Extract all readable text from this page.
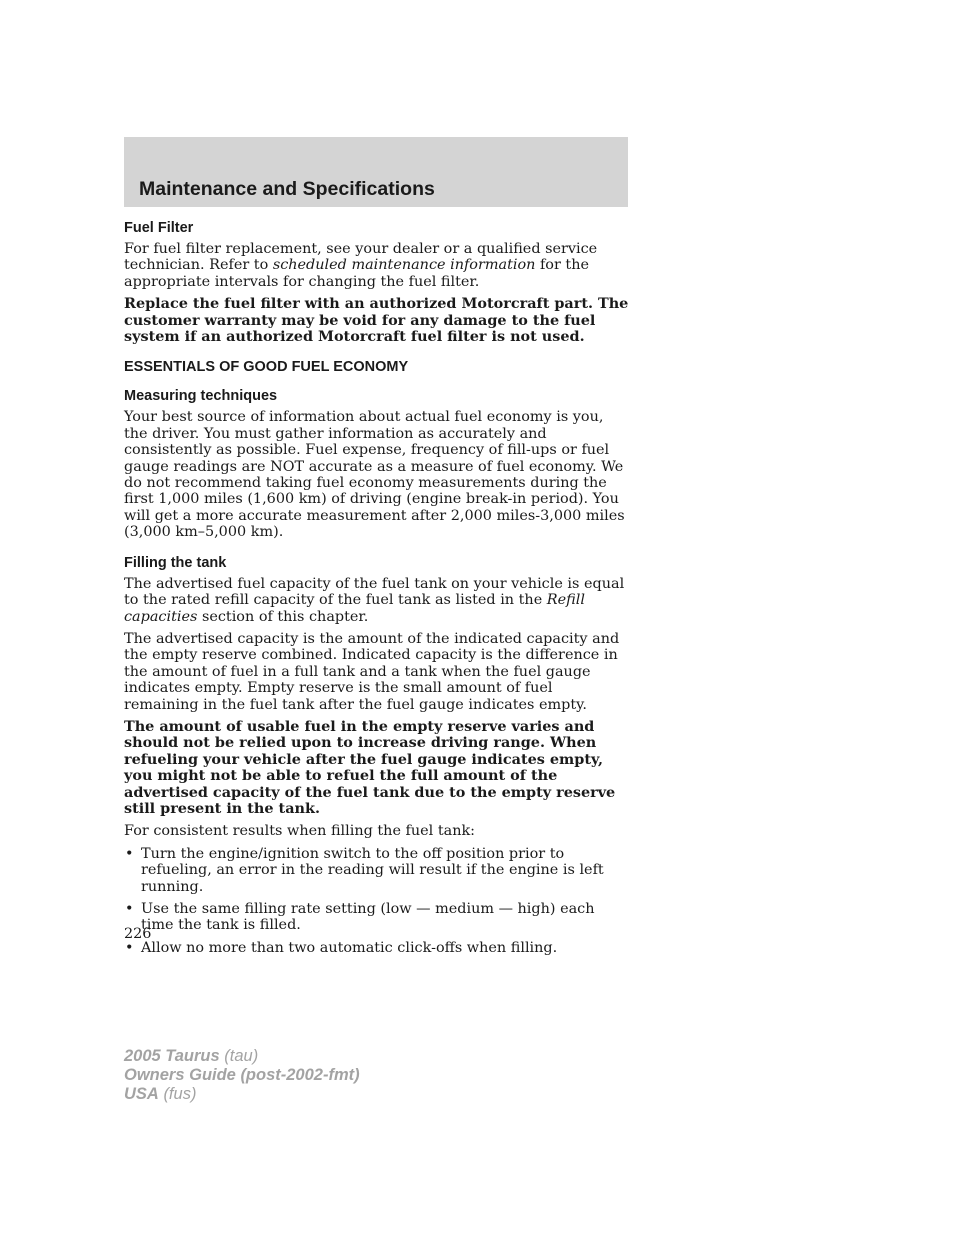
Maintenance and Specifications
Fuel Filter

For fuel filter replacement, see your dealer or a qualified service technician. Refer to scheduled maintenance information for the appropriate intervals for changing the fuel filter.

Replace the fuel filter with an authorized Motorcraft part. The customer warranty may be void for any damage to the fuel system if an authorized Motorcraft fuel filter is not used.

ESSENTIALS OF GOOD FUEL ECONOMY
Measuring techniques

Your best source of information about actual fuel economy is you, the driver. You must gather information as accurately and consistently as possible. Fuel expense, frequency of fill-ups or fuel gauge readings are NOT accurate as a measure of fuel economy. We do not recommend taking fuel economy measurements during the first 1,000 miles (1,600 km) of driving (engine break-in period). You will get a more accurate measurement after 2,000 miles-3,000 miles (3,000 km–5,000 km).

Filling the tank

The advertised fuel capacity of the fuel tank on your vehicle is equal to the rated refill capacity of the fuel tank as listed in the Refill capacities section of this chapter.

The advertised capacity is the amount of the indicated capacity and the empty reserve combined. Indicated capacity is the difference in the amount of fuel in a full tank and a tank when the fuel gauge indicates empty. Empty reserve is the small amount of fuel remaining in the fuel tank after the fuel gauge indicates empty.

The amount of usable fuel in the empty reserve varies and should not be relied upon to increase driving range. When refueling your vehicle after the fuel gauge indicates empty, you might not be able to refuel the full amount of the advertised capacity of the fuel tank due to the empty reserve still present in the tank.

For consistent results when filling the fuel tank:

• Turn the engine/ignition switch to the off position prior to refueling, an error in the reading will result if the engine is left running.
• Use the same filling rate setting (low — medium — high) each time the tank is filled.
• Allow no more than two automatic click-offs when filling.
226
2005 Taurus (tau)
Owners Guide (post-2002-fmt)
USA (fus)
